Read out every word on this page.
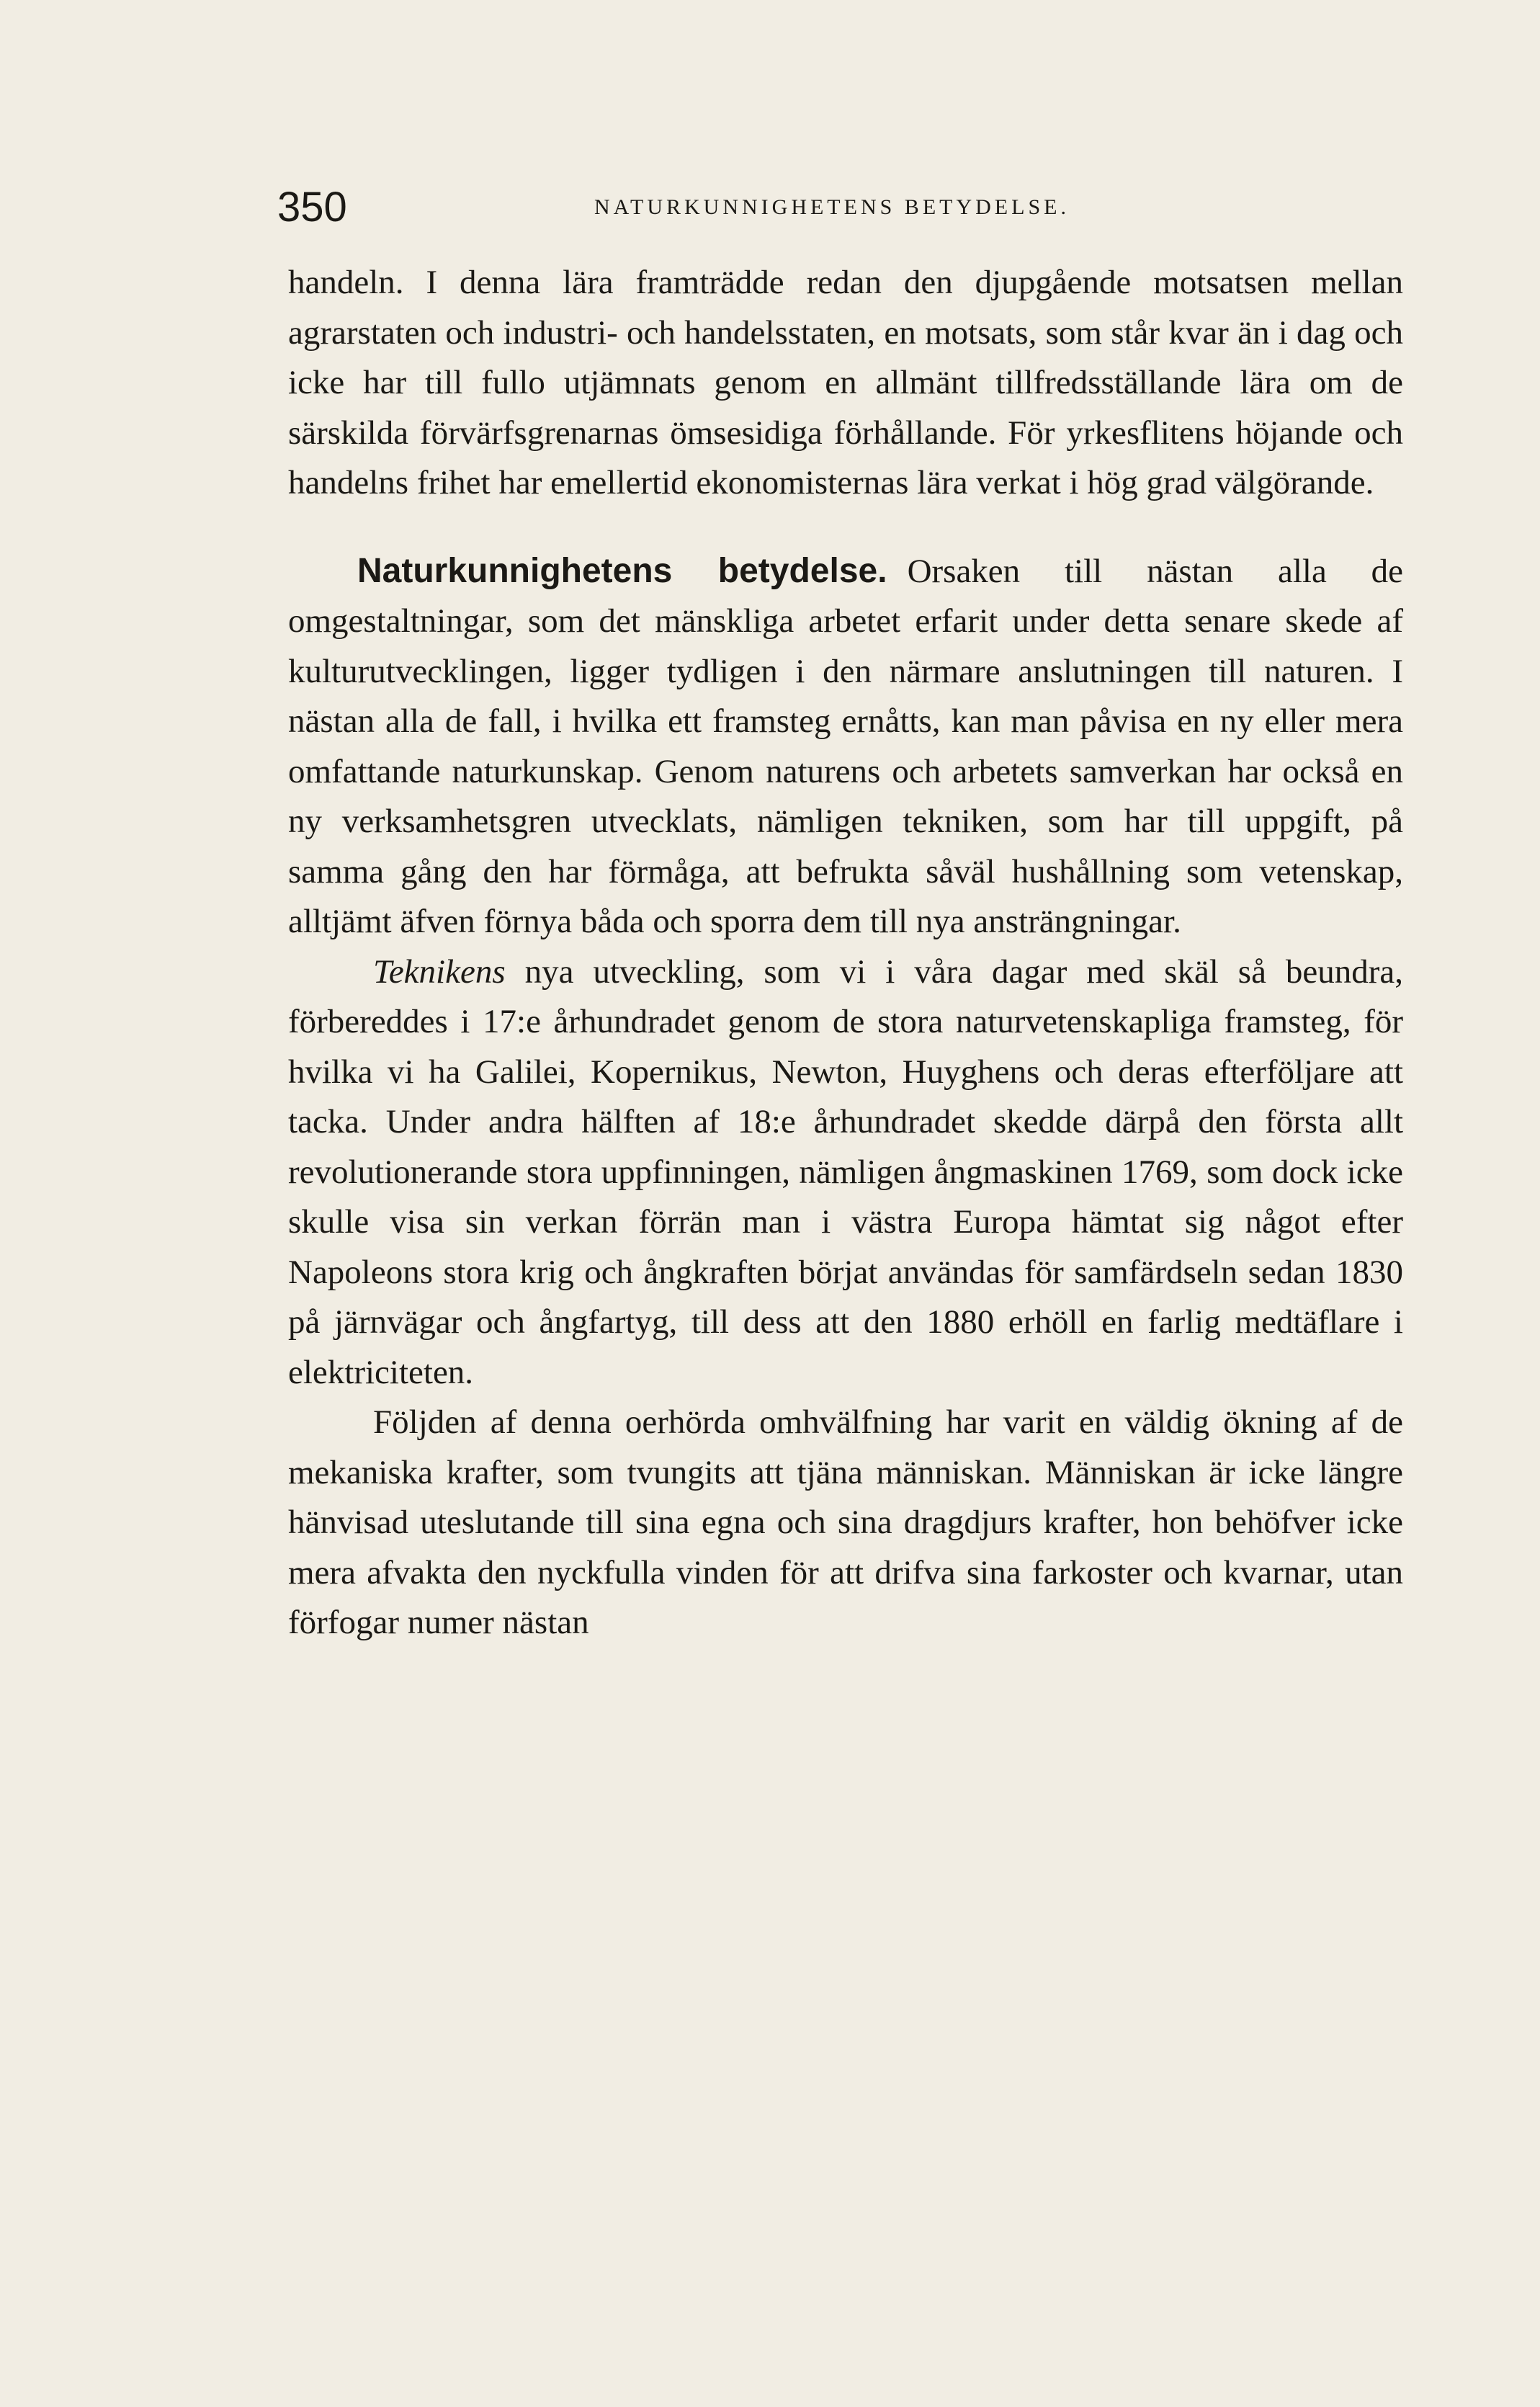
350	NATURKUNNIGHETENS BETYDELSE.

handeln. I denna lära framträdde redan den djupgående motsatsen mellan agrarstaten och industri- och handelsstaten, en motsats, som står kvar än i dag och icke har till fullo utjämnats genom en allmänt tillfredsställande lära om de särskilda förvärfsgrenarnas ömsesidiga förhållande. För yrkesflitens höjande och handelns frihet har emellertid ekonomisternas lära verkat i hög grad välgörande.

Naturkunnighetens betydelse. Orsaken till nästan alla de omgestaltningar, som det mänskliga arbetet erfarit under detta senare skede af kulturutvecklingen, ligger tydligen i den närmare anslutningen till naturen. I nästan alla de fall, i hvilka ett framsteg ernåtts, kan man påvisa en ny eller mera omfattande naturkunskap. Genom naturens och arbetets samverkan har också en ny verksamhetsgren utvecklats, nämligen tekniken, som har till uppgift, på samma gång den har förmåga, att befrukta såväl hushållning som vetenskap, alltjämt äfven förnya båda och sporra dem till nya ansträngningar.

Teknikens nya utveckling, som vi i våra dagar med skäl så beundra, förbereddes i 17:e århundradet genom de stora naturvetenskapliga framsteg, för hvilka vi ha Galilei, Kopernikus, Newton, Huyghens och deras efterföljare att tacka. Under andra hälften af 18:e århundradet skedde därpå den första allt revolutionerande stora uppfinningen, nämligen ångmaskinen 1769, som dock icke skulle visa sin verkan förrän man i västra Europa hämtat sig något efter Napoleons stora krig och ångkraften börjat användas för samfärdseln sedan 1830 på järnvägar och ångfartyg, till dess att den 1880 erhöll en farlig medtäflare i elektriciteten.

Följden af denna oerhörda omhvälfning har varit en väldig ökning af de mekaniska krafter, som tvungits att tjäna människan. Människan är icke längre hänvisad uteslutande till sina egna och sina dragdjurs krafter, hon behöfver icke mera afvakta den nyckfulla vinden för att drifva sina farkoster och kvarnar, utan förfogar numer nästan
